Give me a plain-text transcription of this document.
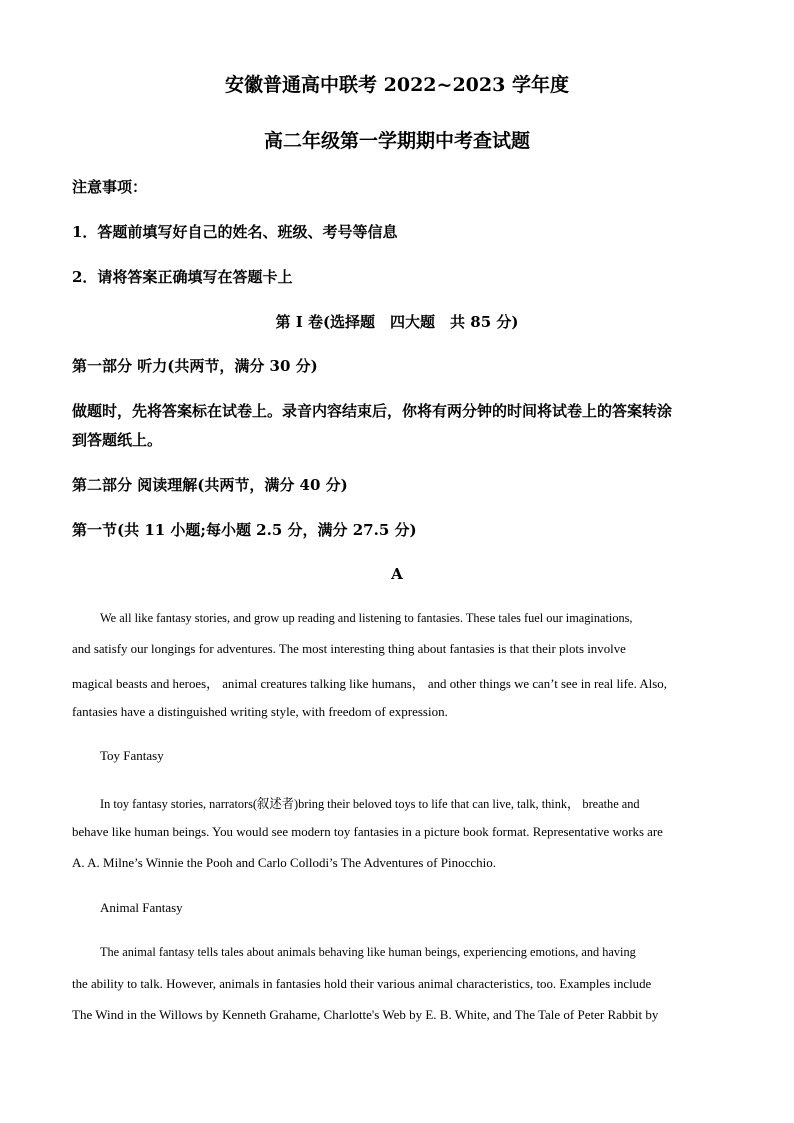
安徽普通高中联考 2022~2023 学年度
高二年级第一学期期中考查试题
注意事项：
1．答题前填写好自己的姓名、班级、考号等信息
2．请将答案正确填写在答题卡上
第 I 卷(选择题　四大题　共 85 分)
第一部分 听力(共两节，满分 30 分)
做题时，先将答案标在试卷上。录音内容结束后，你将有两分钟的时间将试卷上的答案转涂
到答题纸上。
第二部分 阅读理解(共两节，满分 40 分)
第一节(共 11 小题;每小题 2.5 分，满分 27.5 分)
A
We all like fantasy stories, and grow up reading and listening to fantasies. These tales fuel our imaginations,
and satisfy our longings for adventures. The most interesting thing about fantasies is that their plots involve
magical beasts and heroes， animal creatures talking like humans， and other things we can’t see in real life. Also,
fantasies have a distinguished writing style, with freedom of expression.
Toy Fantasy
In toy fantasy stories, narrators(叙述者)bring their beloved toys to life that can live, talk, think， breathe and
behave like human beings. You would see modern toy fantasies in a picture book format. Representative works are
A. A. Milne’s Winnie the Pooh and Carlo Collodi’s The Adventures of Pinocchio.
Animal Fantasy
The animal fantasy tells tales about animals behaving like human beings, experiencing emotions, and having
the ability to talk. However, animals in fantasies hold their various animal characteristics, too. Examples include
The Wind in the Willows by Kenneth Grahame, Charlotte's Web by E. B. White, and The Tale of Peter Rabbit by
